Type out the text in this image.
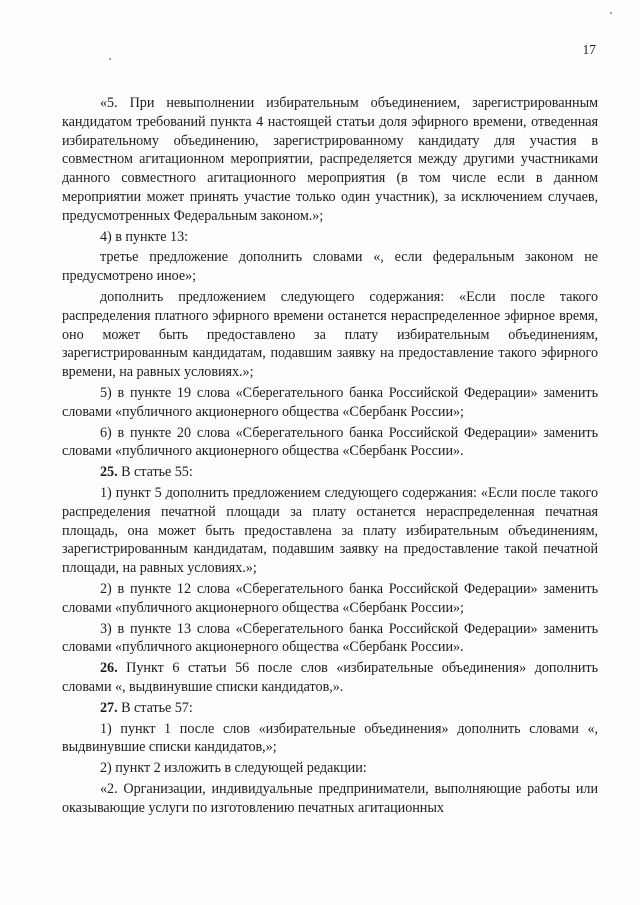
17

«5. При невыполнении избирательным объединением, зарегистрированным кандидатом требований пункта 4 настоящей статьи доля эфирного времени, отведенная избирательному объединению, зарегистрированному кандидату для участия в совместном агитационном мероприятии, распределяется между другими участниками данного совместного агитационного мероприятия (в том числе если в данном мероприятии может принять участие только один участник), за исключением случаев, предусмотренных Федеральным законом.»;

4) в пункте 13:

третье предложение дополнить словами «, если федеральным законом не предусмотрено иное»;

дополнить предложением следующего содержания: «Если после такого распределения платного эфирного времени останется нераспределенное эфирное время, оно может быть предоставлено за плату избирательным объединениям, зарегистрированным кандидатам, подавшим заявку на предоставление такого эфирного времени, на равных условиях.»;

5) в пункте 19 слова «Сберегательного банка Российской Федерации» заменить словами «публичного акционерного общества «Сбербанк России»;

6) в пункте 20 слова «Сберегательного банка Российской Федерации» заменить словами «публичного акционерного общества «Сбербанк России».

25. В статье 55:

1) пункт 5 дополнить предложением следующего содержания: «Если после такого распределения печатной площади за плату останется нераспределенная печатная площадь, она может быть предоставлена за плату избирательным объединениям, зарегистрированным кандидатам, подавшим заявку на предоставление такой печатной площади, на равных условиях.»;

2) в пункте 12 слова «Сберегательного банка Российской Федерации» заменить словами «публичного акционерного общества «Сбербанк России»;

3) в пункте 13 слова «Сберегательного банка Российской Федерации» заменить словами «публичного акционерного общества «Сбербанк России».

26. Пункт 6 статьи 56 после слов «избирательные объединения» дополнить словами «, выдвинувшие списки кандидатов,».

27. В статье 57:

1) пункт 1 после слов «избирательные объединения» дополнить словами «, выдвинувшие списки кандидатов,»;

2) пункт 2 изложить в следующей редакции:

«2. Организации, индивидуальные предприниматели, выполняющие работы или оказывающие услуги по изготовлению печатных агитационных
